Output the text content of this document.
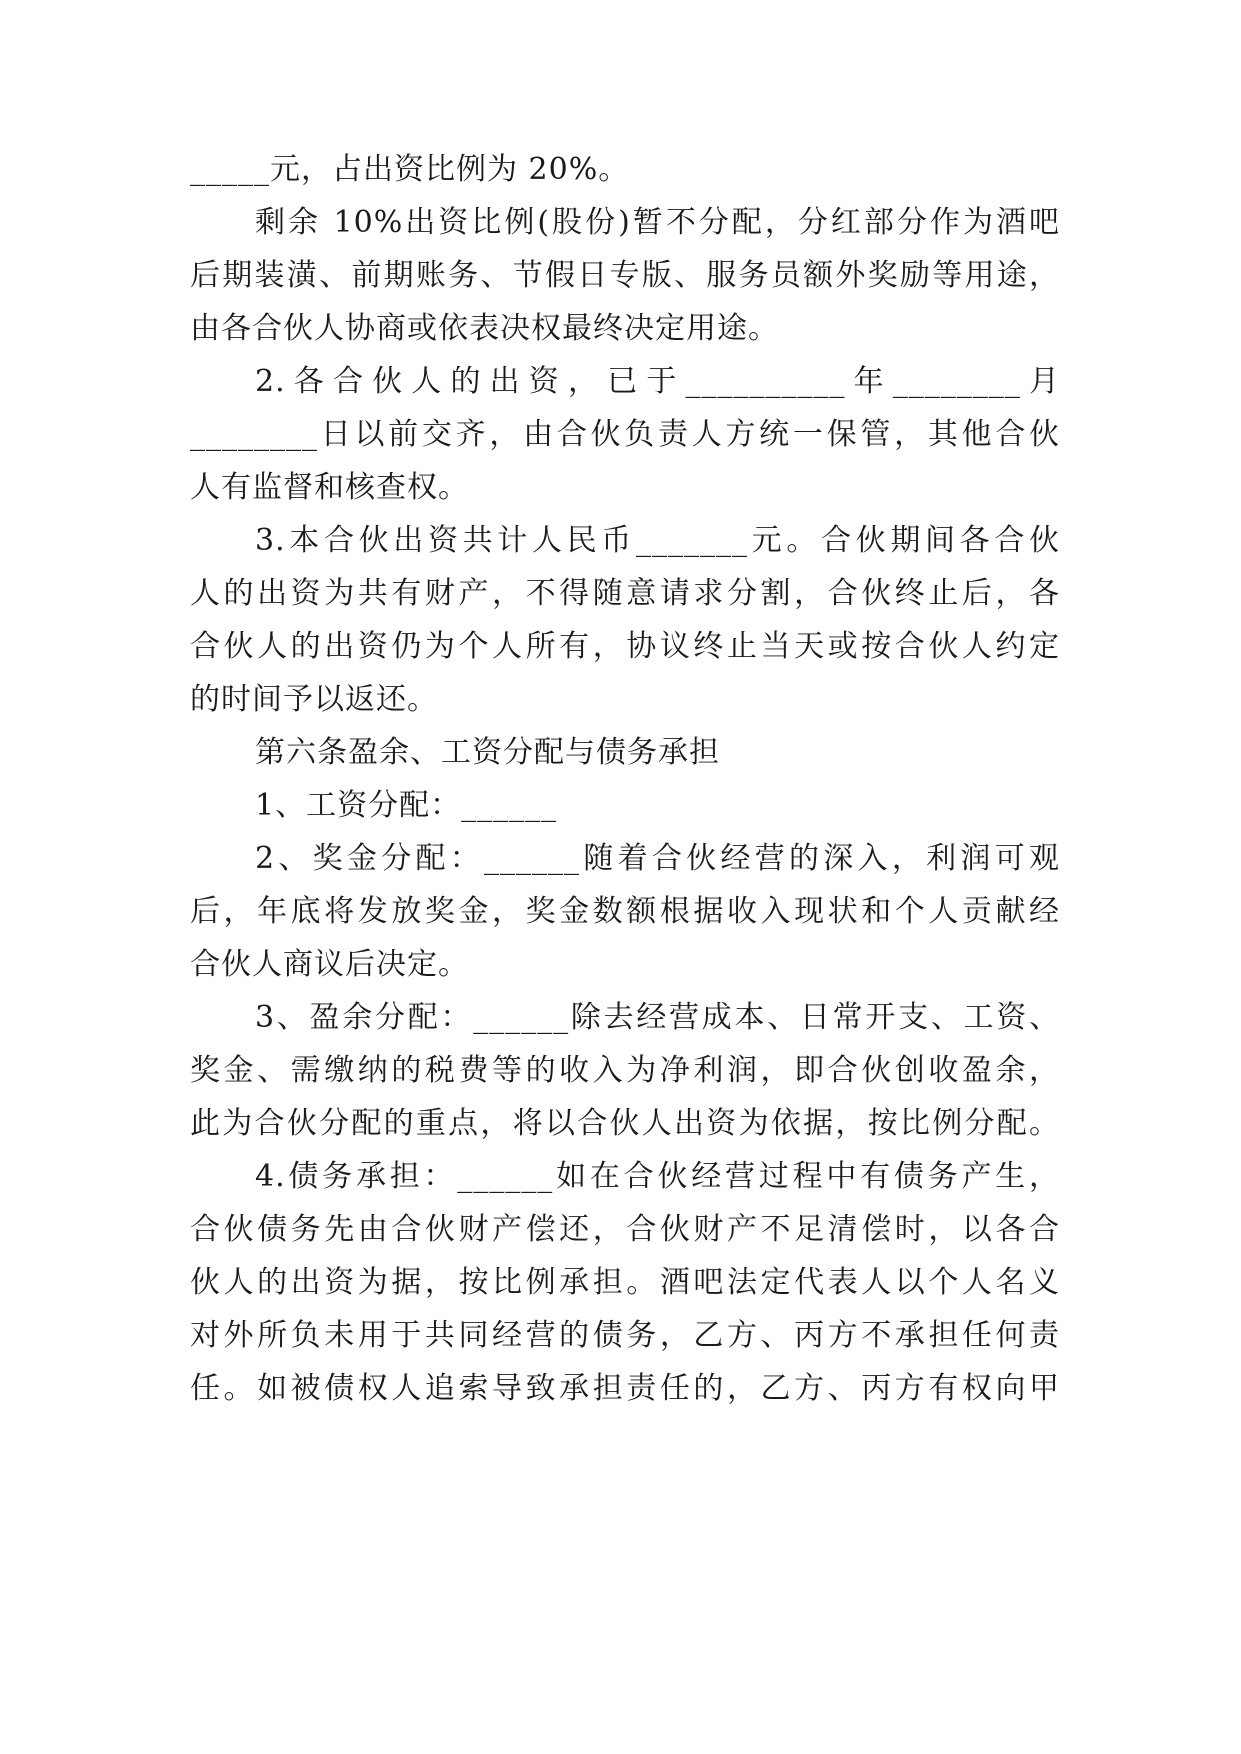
_____元，占出资比例为 20%。
剩余 10%出资比例(股份)暂不分配，分红部分作为酒吧
后期装潢、前期账务、节假日专版、服务员额外奖励等用途，
由各合伙人协商或依表决权最终决定用途。
2.各合伙人的出资，已于__________年________月
________日以前交齐，由合伙负责人方统一保管，其他合伙
人有监督和核查权。
3.本合伙出资共计人民币_______元。合伙期间各合伙
人的出资为共有财产，不得随意请求分割，合伙终止后，各
合伙人的出资仍为个人所有，协议终止当天或按合伙人约定
的时间予以返还。
第六条盈余、工资分配与债务承担
1、工资分配：______
2、奖金分配：______随着合伙经营的深入，利润可观
后，年底将发放奖金，奖金数额根据收入现状和个人贡献经
合伙人商议后决定。
3、盈余分配：______除去经营成本、日常开支、工资、
奖金、需缴纳的税费等的收入为净利润，即合伙创收盈余，
此为合伙分配的重点，将以合伙人出资为依据，按比例分配。
4.债务承担：______如在合伙经营过程中有债务产生，
合伙债务先由合伙财产偿还，合伙财产不足清偿时，以各合
伙人的出资为据，按比例承担。酒吧法定代表人以个人名义
对外所负未用于共同经营的债务，乙方、丙方不承担任何责
任。如被债权人追索导致承担责任的，乙方、丙方有权向甲
